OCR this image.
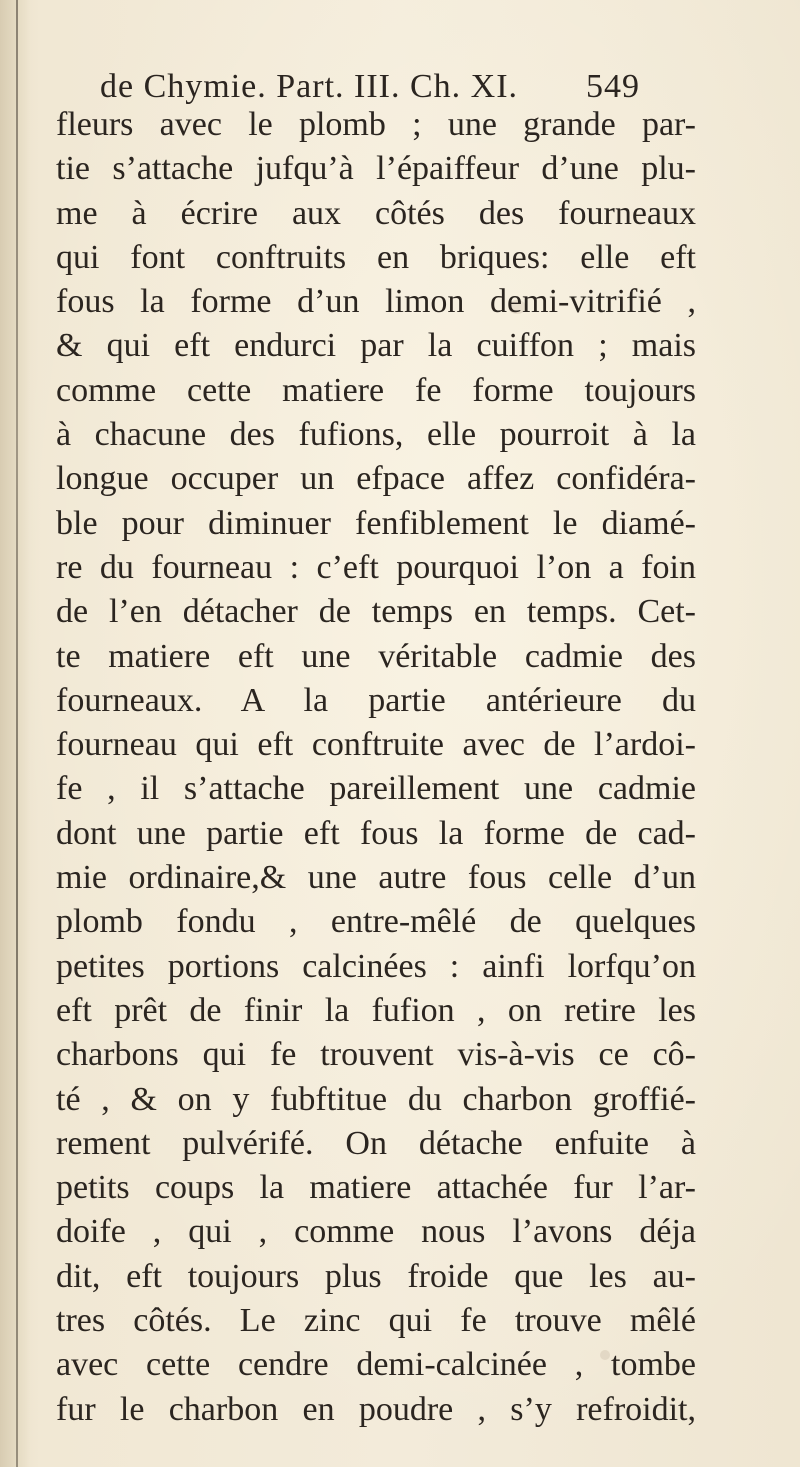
de Chymie. Part. III. Ch. XI. 549
fleurs avec le plomb ; une grande par-
tie s’attache jufqu’à l’épaiffeur d’une plu-
me à écrire aux côtés des fourneaux
qui font conftruits en briques: elle eft
fous la forme d’un limon demi-vitrifié ,
& qui eft endurci par la cuiffon ; mais
comme cette matiere fe forme toujours
à chacune des fufions, elle pourroit à la
longue occuper un efpace affez confidéra-
ble pour diminuer fenfiblement le diamé-
re du fourneau : c’eft pourquoi l’on a foin
de l’en détacher de temps en temps. Cet-
te matiere eft une véritable cadmie des
fourneaux. A la partie antérieure du
fourneau qui eft conftruite avec de l’ardoi-
fe , il s’attache pareillement une cadmie
dont une partie eft fous la forme de cad-
mie ordinaire,& une autre fous celle d’un
plomb fondu , entre-mêlé de quelques
petites portions calcinées : ainfi lorfqu’on
eft prêt de finir la fufion , on retire les
charbons qui fe trouvent vis-à-vis ce cô-
té , & on y fubftitue du charbon groffié-
rement pulvérifé. On détache enfuite à
petits coups la matiere attachée fur l’ar-
doife , qui , comme nous l’avons déja
dit, eft toujours plus froide que les au-
tres côtés. Le zinc qui fe trouve mêlé
avec cette cendre demi-calcinée , tombe
fur le charbon en poudre , s’y refroidit,
